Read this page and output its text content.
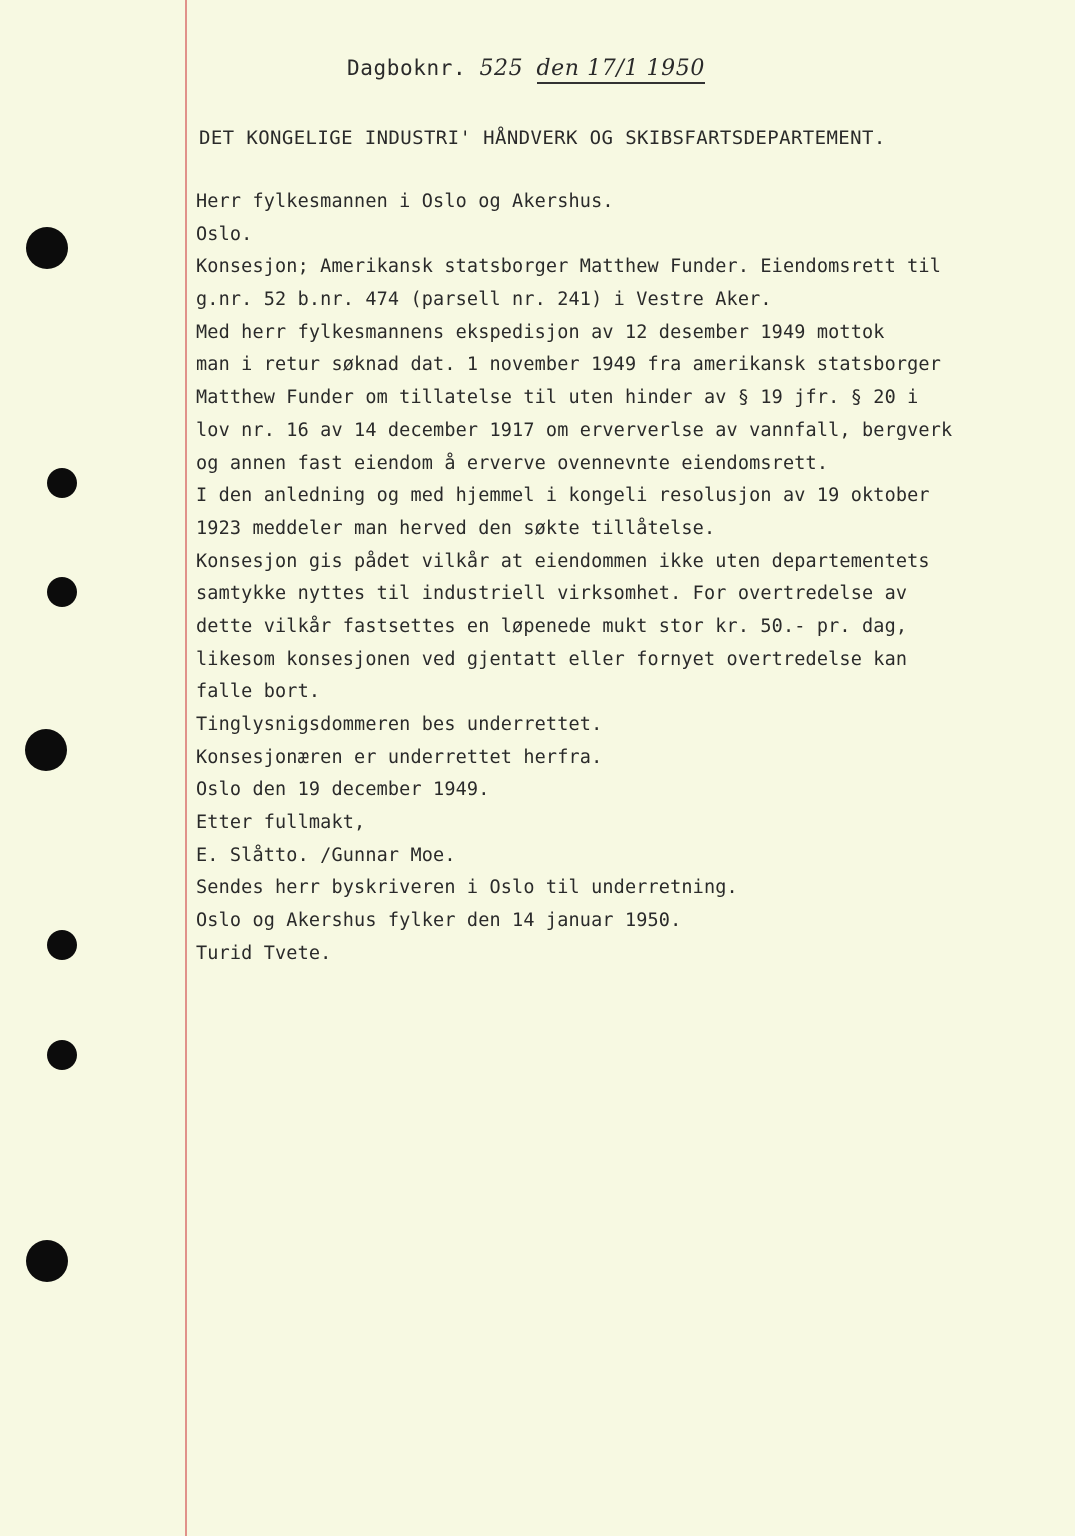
Dagboknr. 525 den 17/1 1950
DET KONGELIGE INDUSTRI' HÅNDVERK OG SKIBSFARTSDEPARTEMENT.
Herr fylkesmannen i Oslo og Akershus.
Oslo.
Konsesjon; Amerikansk statsborger Matthew Funder. Eiendomsrett til
g.nr. 52 b.nr. 474 (parsell nr. 241) i Vestre Aker.
Med herr fylkesmannens ekspedisjon av 12 desember 1949 mottok
man i retur søknad dat. 1 november 1949 fra amerikansk statsborger
Matthew Funder om tillatelse til uten hinder av § 19 jfr. § 20 i
lov nr. 16 av 14 december 1917 om erververlse av vannfall, bergverk
og annen fast eiendom å erverve ovennevnte eiendomsrett.
I den anledning og med hjemmel i kongeli resolusjon av 19 oktober
1923 meddeler man herved den søkte tillåtelse.
Konsesjon gis pådet vilkår at eiendommen ikke uten departementets
samtykke nyttes til industriell virksomhet. For overtredelse av
dette vilkår fastsettes en løpenede mukt stor kr. 50.- pr. dag,
likesom konsesjonen ved gjentatt eller fornyet overtredelse kan
falle bort.
Tinglysnigsdommeren bes underrettet.
Konsesjonæren er underrettet herfra.
Oslo den 19 december 1949.
Etter fullmakt,
E. Slåtto. /Gunnar Moe.
Sendes herr byskriveren i Oslo til underretning.
Oslo og Akershus fylker den 14 januar 1950.
Turid Tvete.
